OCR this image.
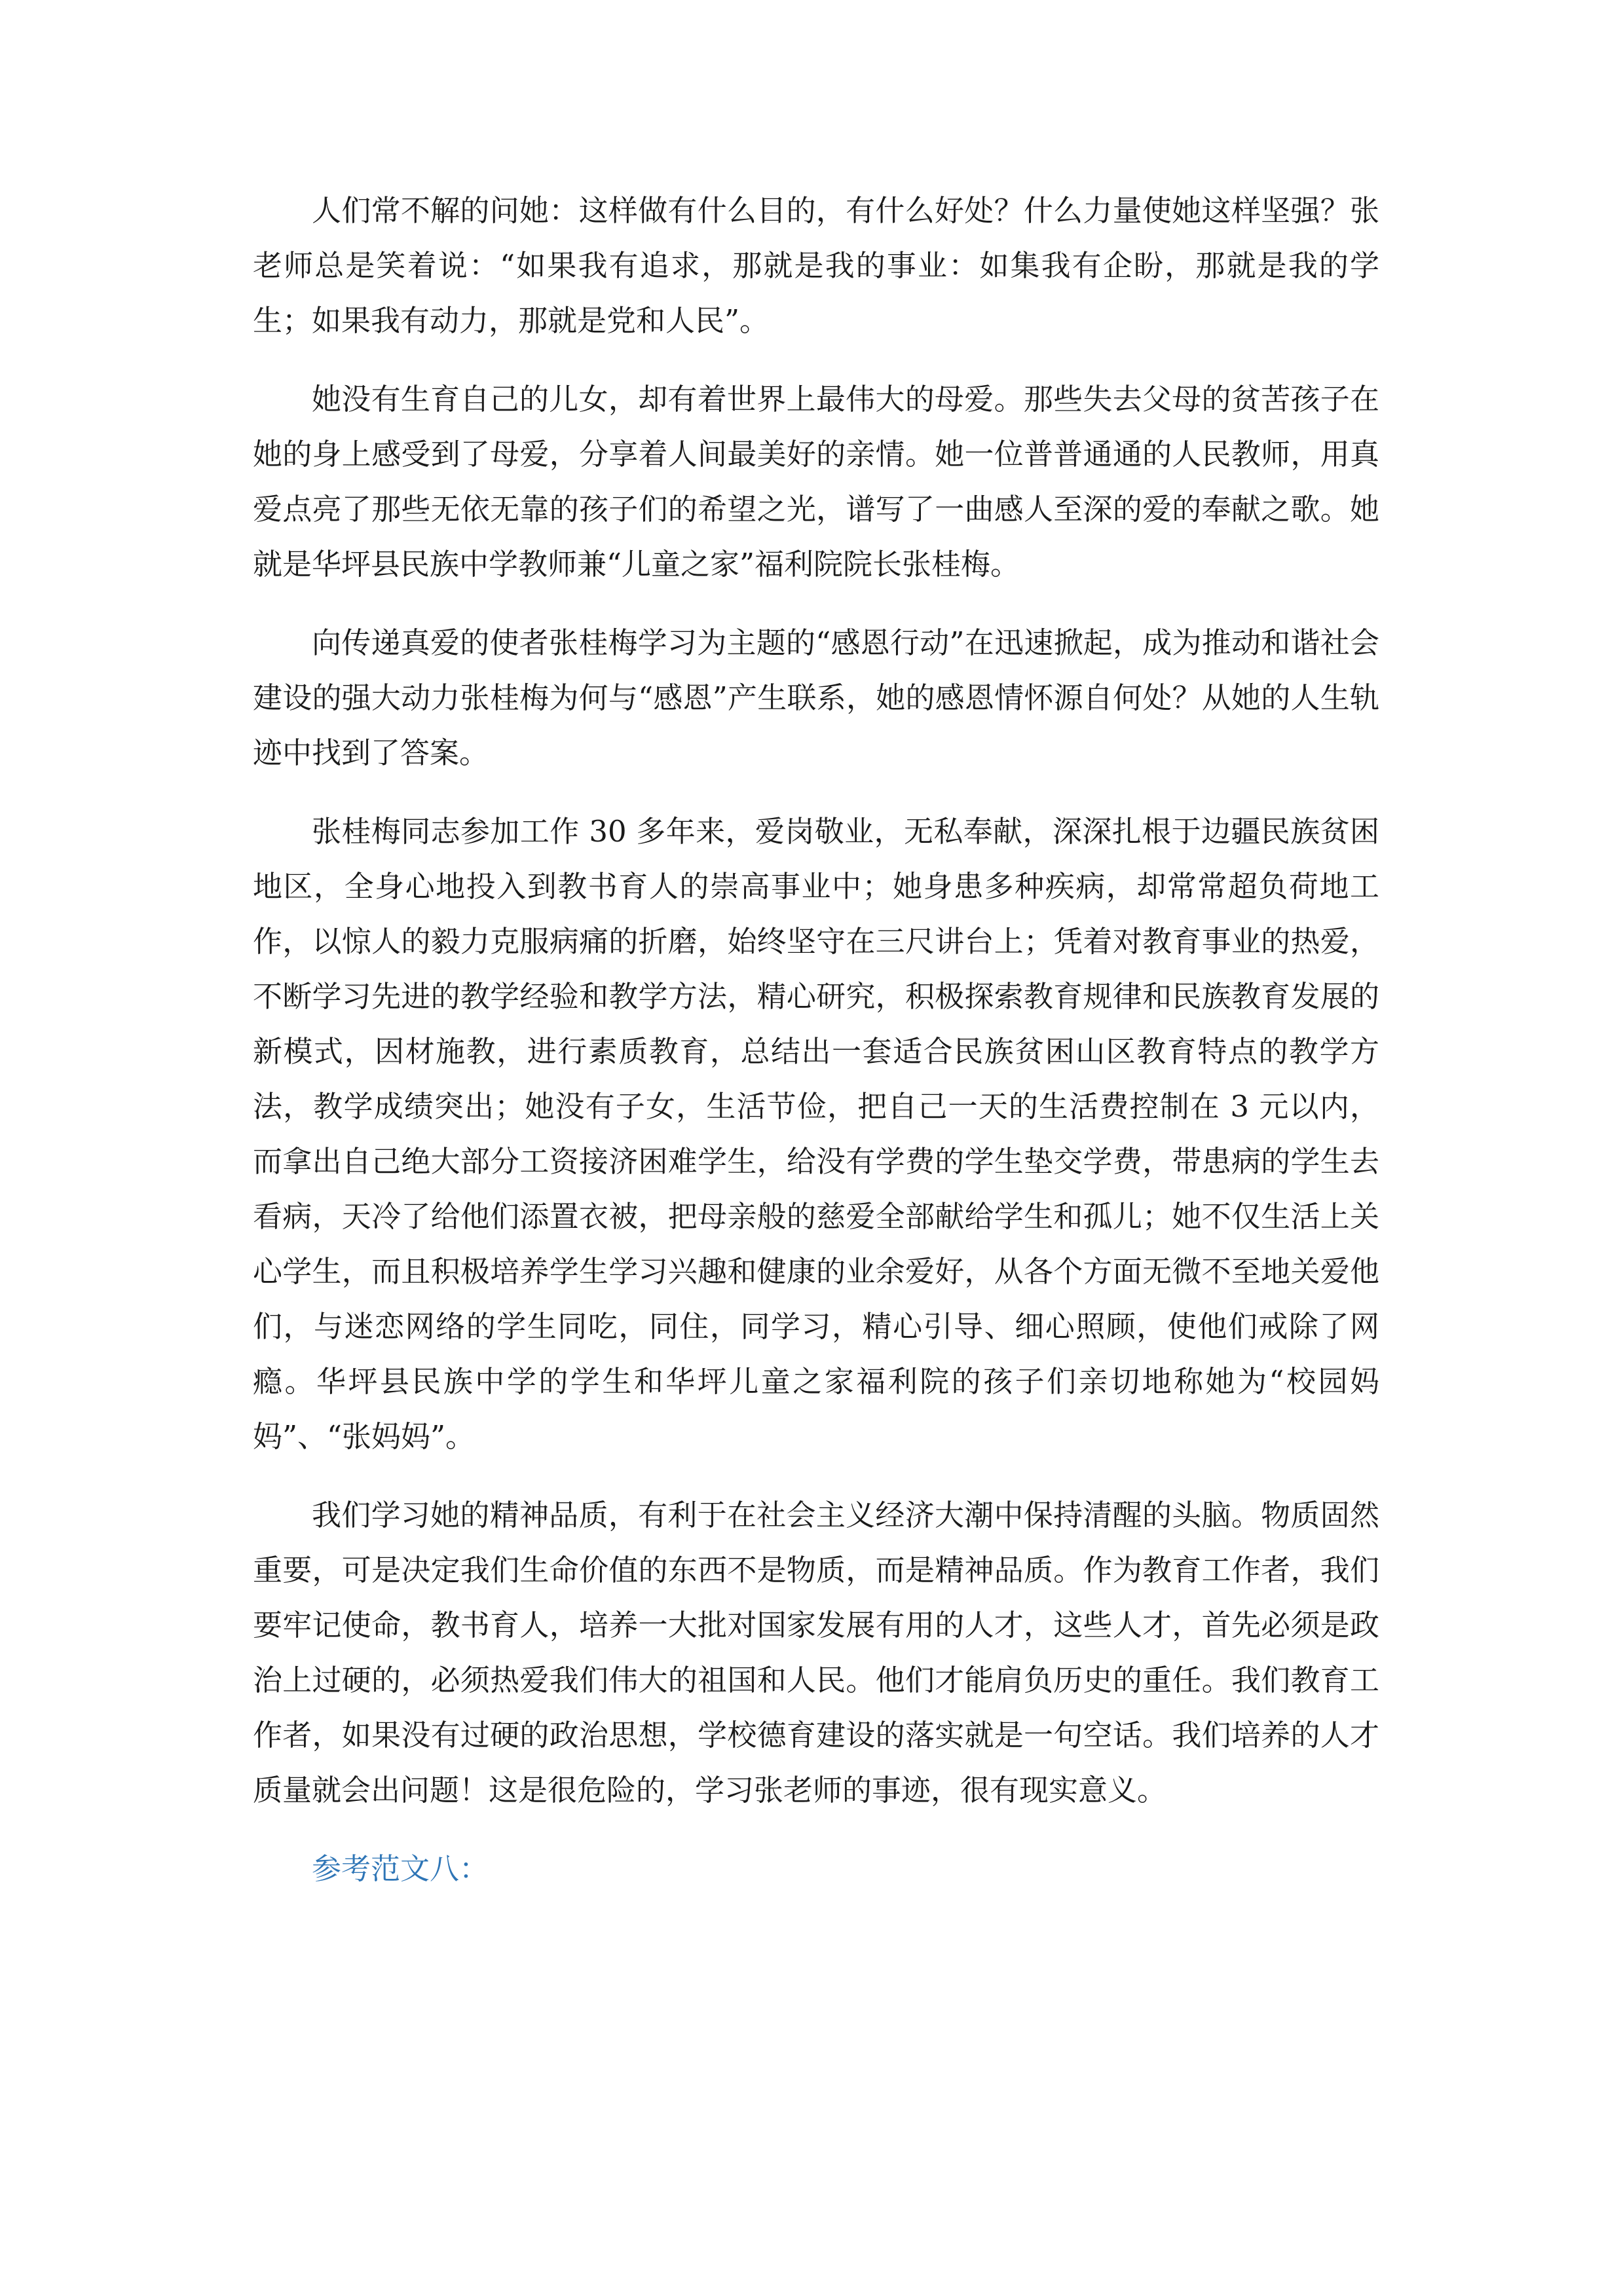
人们常不解的问她：这样做有什么目的，有什么好处？什么力量使她这样坚强？张老师总是笑着说：“如果我有追求，那就是我的事业：如集我有企盼，那就是我的学生；如果我有动力，那就是党和人民”。

她没有生育自己的儿女，却有着世界上最伟大的母爱。那些失去父母的贫苦孩子在她的身上感受到了母爱，分享着人间最美好的亲情。她一位普普通通的人民教师，用真爱点亮了那些无依无靠的孩子们的希望之光，谱写了一曲感人至深的爱的奉献之歌。她就是华坪县民族中学教师兼“儿童之家”福利院院长张桂梅。

向传递真爱的使者张桂梅学习为主题的“感恩行动”在迅速掀起，成为推动和谐社会建设的强大动力张桂梅为何与“感恩”产生联系，她的感恩情怀源自何处？从她的人生轨迹中找到了答案。

张桂梅同志参加工作 30 多年来，爱岗敬业，无私奉献，深深扎根于边疆民族贫困地区，全身心地投入到教书育人的崇高事业中；她身患多种疾病，却常常超负荷地工作，以惊人的毅力克服病痛的折磨，始终坚守在三尺讲台上；凭着对教育事业的热爱，不断学习先进的教学经验和教学方法，精心研究，积极探索教育规律和民族教育发展的新模式，因材施教，进行素质教育，总结出一套适合民族贫困山区教育特点的教学方法，教学成绩突出；她没有子女，生活节俭，把自己一天的生活费控制在 3 元以内，而拿出自己绝大部分工资接济困难学生，给没有学费的学生垫交学费，带患病的学生去看病，天冷了给他们添置衣被，把母亲般的慈爱全部献给学生和孤儿；她不仅生活上关心学生，而且积极培养学生学习兴趣和健康的业余爱好，从各个方面无微不至地关爱他们，与迷恋网络的学生同吃，同住，同学习，精心引导、细心照顾，使他们戒除了网瘾。华坪县民族中学的学生和华坪儿童之家福利院的孩子们亲切地称她为“校园妈妈”、“张妈妈”。

我们学习她的精神品质，有利于在社会主义经济大潮中保持清醒的头脑。物质固然重要，可是决定我们生命价值的东西不是物质，而是精神品质。作为教育工作者，我们要牢记使命，教书育人，培养一大批对国家发展有用的人才，这些人才，首先必须是政治上过硬的，必须热爱我们伟大的祖国和人民。他们才能肩负历史的重任。我们教育工作者，如果没有过硬的政治思想，学校德育建设的落实就是一句空话。我们培养的人才质量就会出问题！这是很危险的，学习张老师的事迹，很有现实意义。

参考范文八：
